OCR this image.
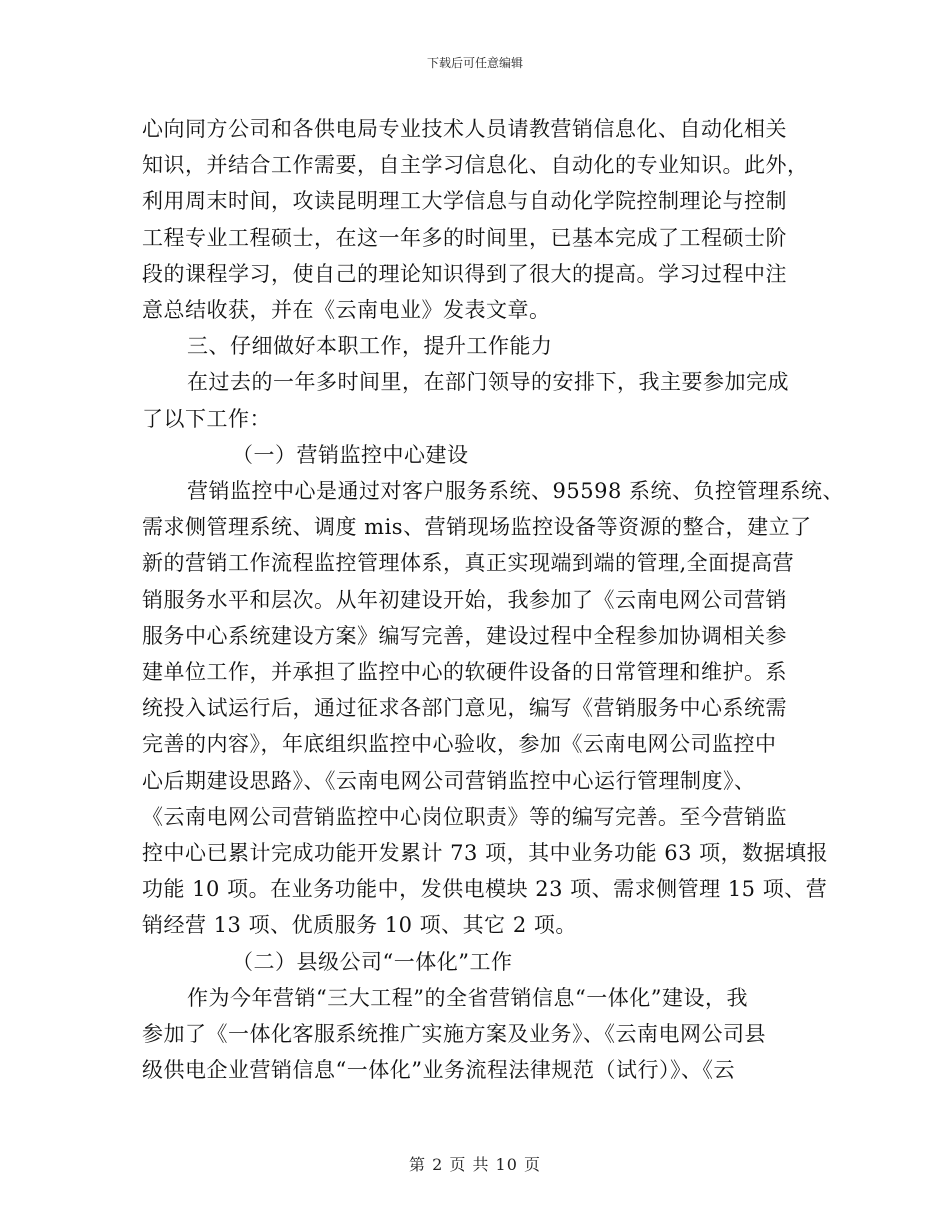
下载后可任意编辑
心向同方公司和各供电局专业技术人员请教营销信息化、自动化相关
知识，并结合工作需要，自主学习信息化、自动化的专业知识。此外，
利用周末时间，攻读昆明理工大学信息与自动化学院控制理论与控制
工程专业工程硕士，在这一年多的时间里，已基本完成了工程硕士阶
段的课程学习，使自己的理论知识得到了很大的提高。学习过程中注
意总结收获，并在《云南电业》发表文章。
三、仔细做好本职工作，提升工作能力
在过去的一年多时间里，在部门领导的安排下，我主要参加完成
了以下工作：
（一）营销监控中心建设
营销监控中心是通过对客户服务系统、95598 系统、负控管理系统、
需求侧管理系统、调度 mis、营销现场监控设备等资源的整合，建立了
新的营销工作流程监控管理体系，真正实现端到端的管理,全面提高营
销服务水平和层次。从年初建设开始，我参加了《云南电网公司营销
服务中心系统建设方案》编写完善，建设过程中全程参加协调相关参
建单位工作，并承担了监控中心的软硬件设备的日常管理和维护。系
统投入试运行后，通过征求各部门意见，编写《营销服务中心系统需
完善的内容》，年底组织监控中心验收，参加《云南电网公司监控中
心后期建设思路》、《云南电网公司营销监控中心运行管理制度》、
《云南电网公司营销监控中心岗位职责》等的编写完善。至今营销监
控中心已累计完成功能开发累计 73 项，其中业务功能 63 项，数据填报
功能 10 项。在业务功能中，发供电模块 23 项、需求侧管理 15 项、营
销经营 13 项、优质服务 10 项、其它 2 项。
（二）县级公司“一体化”工作
作为今年营销“三大工程”的全省营销信息“一体化”建设，我
参加了《一体化客服系统推广实施方案及业务》、《云南电网公司县
级供电企业营销信息“一体化”业务流程法律规范（试行）》、《云
第 2 页 共 10 页
